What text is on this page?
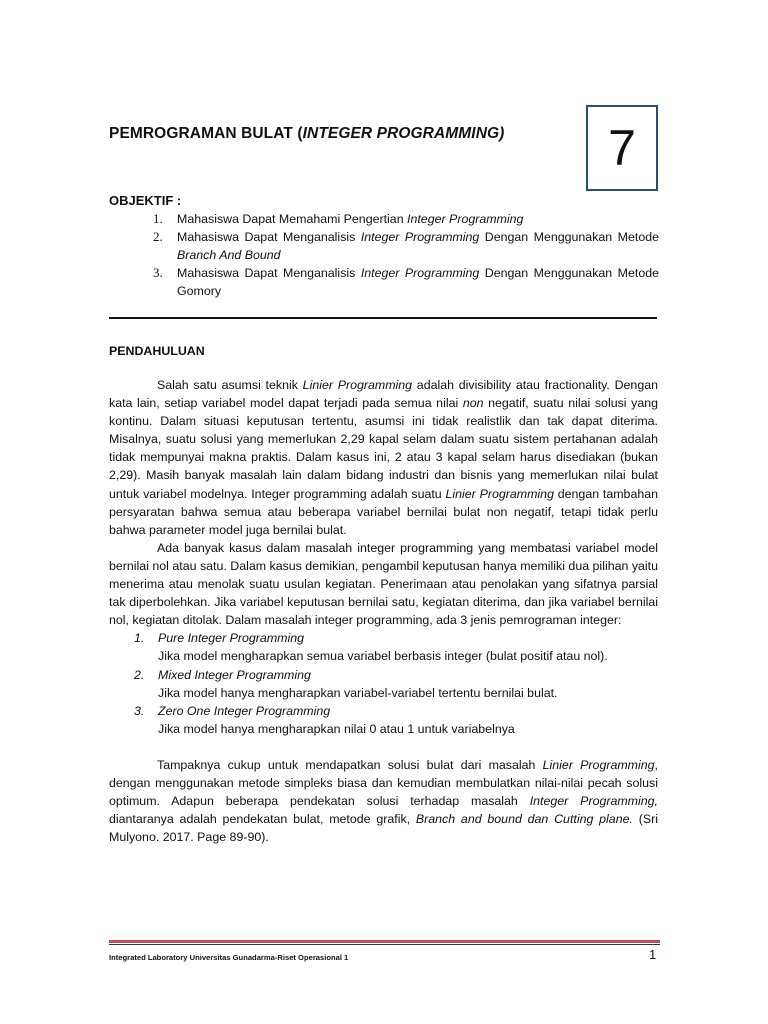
PEMROGRAMAN BULAT (INTEGER PROGRAMMING) 7
OBJEKTIF :
1. Mahasiswa Dapat Memahami Pengertian Integer Programming
2. Mahasiswa Dapat Menganalisis Integer Programming Dengan Menggunakan Metode Branch And Bound
3. Mahasiswa Dapat Menganalisis Integer Programming Dengan Menggunakan Metode Gomory
PENDAHULUAN

Salah satu asumsi teknik Linier Programming adalah divisibility atau fractionality. Dengan kata lain, setiap variabel model dapat terjadi pada semua nilai non negatif, suatu nilai solusi yang kontinu. Dalam situasi keputusan tertentu, asumsi ini tidak realistlik dan tak dapat diterima. Misalnya, suatu solusi yang memerlukan 2,29 kapal selam dalam suatu sistem pertahanan adalah tidak mempunyai makna praktis. Dalam kasus ini, 2 atau 3 kapal selam harus disediakan (bukan 2,29). Masih banyak masalah lain dalam bidang industri dan bisnis yang memerlukan nilai bulat untuk variabel modelnya. Integer programming adalah suatu Linier Programming dengan tambahan persyaratan bahwa semua atau beberapa variabel bernilai bulat non negatif, tetapi tidak perlu bahwa parameter model juga bernilai bulat.

Ada banyak kasus dalam masalah integer programming yang membatasi variabel model bernilai nol atau satu. Dalam kasus demikian, pengambil keputusan hanya memiliki dua pilihan yaitu menerima atau menolak suatu usulan kegiatan. Penerimaan atau penolakan yang sifatnya parsial tak diperbolehkan. Jika variabel keputusan bernilai satu, kegiatan diterima, dan jika variabel bernilai nol, kegiatan ditolak. Dalam masalah integer programming, ada 3 jenis pemrograman integer:

1. Pure Integer Programming
Jika model mengharapkan semua variabel berbasis integer (bulat positif atau nol).
2. Mixed Integer Programming
Jika model hanya mengharapkan variabel-variabel tertentu bernilai bulat.
3. Zero One Integer Programming
Jika model hanya mengharapkan nilai 0 atau 1 untuk variabelnya

Tampaknya cukup untuk mendapatkan solusi bulat dari masalah Linier Programming, dengan menggunakan metode simpleks biasa dan kemudian membulatkan nilai-nilai pecah solusi optimum. Adapun beberapa pendekatan solusi terhadap masalah Integer Programming, diantaranya adalah pendekatan bulat, metode grafik, Branch and bound dan Cutting plane. (Sri Mulyono. 2017. Page 89-90).

Integrated Laboratory Universitas Gunadarma-Riset Operasional 1	1
